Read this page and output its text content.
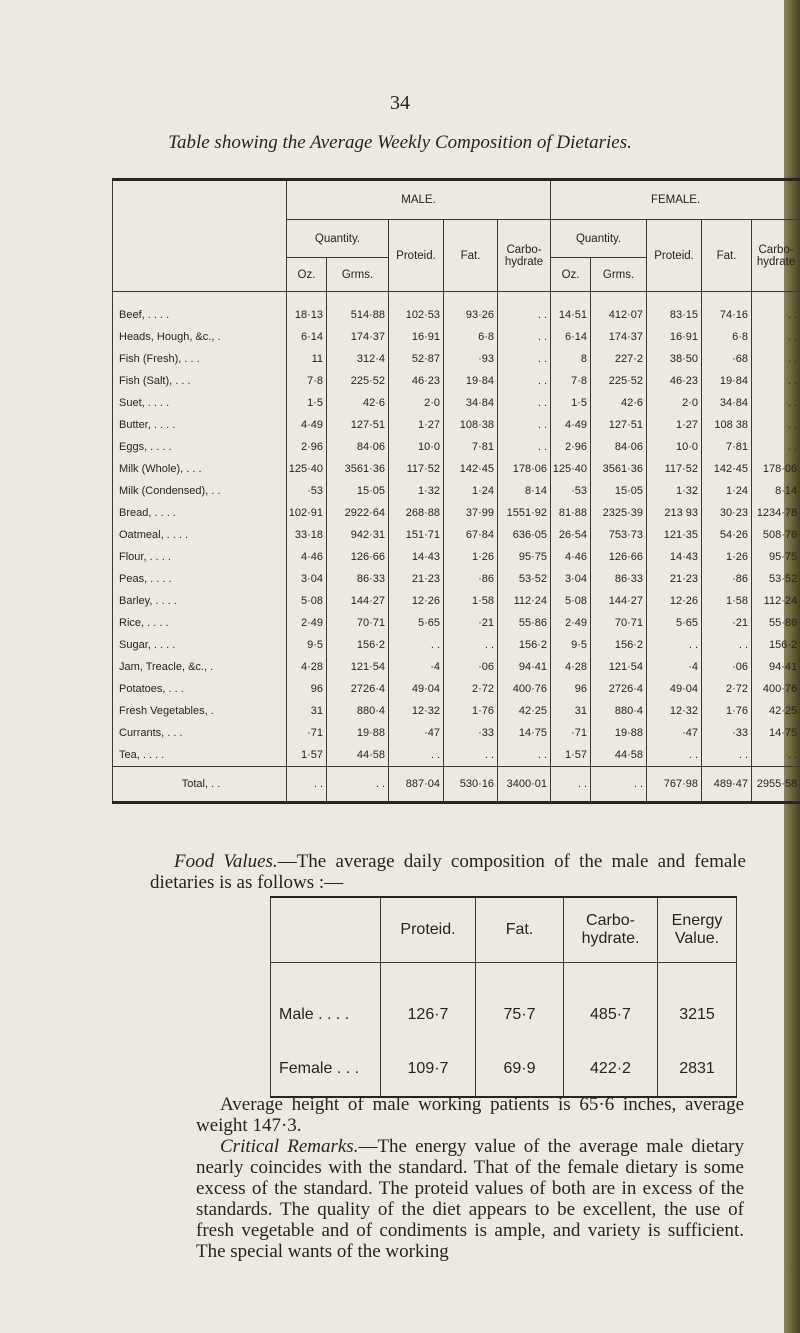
34
Table showing the Average Weekly Composition of Dietaries.
	MALE.					FEMALE.				
	Quantity.		Proteid.	Fat.	Carbo-
hydrate	Quantity.		Proteid.	Fat.	Carbo-
hydrate
	Oz.	Grms.				Oz.	Grms.			
Beef, . . . .	18·13	514·88	102·53	93·26	. .	14·51	412·07	83·15	74·16	. .
Heads, Hough, &c., .	6·14	174·37	16·91	6·8	. .	6·14	174·37	16·91	6·8	. .
Fish (Fresh), . . .	11	312·4	52·87	·93	. .	8	227·2	38·50	·68	. .
Fish (Salt), . . .	7·8	225·52	46·23	19·84	. .	7·8	225·52	46·23	19·84	. .
Suet, . . . .	1·5	42·6	2·0	34·84	. .	1·5	42·6	2·0	34·84	. .
Butter, . . . .	4·49	127·51	1·27	108·38	. .	4·49	127·51	1·27	108 38	. .
Eggs, . . . .	2·96	84·06	10·0	7·81	. .	2·96	84·06	10·0	7·81	. .
Milk (Whole), . . .	125·40	3561·36	117·52	142·45	178·06	125·40	3561·36	117·52	142·45	178·06
Milk (Condensed), . .	·53	15·05	1·32	1·24	8·14	·53	15·05	1·32	1·24	8·14
Bread, . . . .	102·91	2922·64	268·88	37·99	1551·92	81·88	2325·39	213 93	30·23	1234·78
Oatmeal, . . . .	33·18	942·31	151·71	67·84	636·05	26·54	753·73	121·35	54·26	508·76
Flour, . . . .	4·46	126·66	14·43	1·26	95·75	4·46	126·66	14·43	1·26	95·75
Peas, . . . .	3·04	86·33	21·23	·86	53·52	3·04	86·33	21·23	·86	53·52
Barley, . . . .	5·08	144·27	12·26	1·58	112·24	5·08	144·27	12·26	1·58	112·24
Rice, . . . .	2·49	70·71	5·65	·21	55·86	2·49	70·71	5·65	·21	55·86
Sugar, . . . .	9·5	156·2	. .	. .	156·2	9·5	156·2	. .	. .	156·2
Jam, Treacle, &c., .	4·28	121·54	·4	·06	94·41	4·28	121·54	·4	·06	94·41
Potatoes, . . .	96	2726·4	49·04	2·72	400·76	96	2726·4	49·04	2·72	400·76
Fresh Vegetables, .	31	880·4	12·32	1·76	42·25	31	880·4	12·32	1·76	42·25
Currants, . . .	·71	19·88	·47	·33	14·75	·71	19·88	·47	·33	14·75
Tea, . . . .	1·57	44·58	. .	. .	. .	1·57	44·58	. .	. .	. .
Total, . .	. .	. .	887·04	530·16	3400·01	. .	. .	767·98	489·47	2955·58

Food Values.—The average daily composition of the male and female dietaries is as follows :—

	Proteid.	Fat.	Carbo-
hydrate.	Energy
Value.
Male . . . .	126·7	75·7	485·7	3215
Female . . .	109·7	69·9	422·2	2831

Average height of male working patients is 65·6 inches, average weight 147·3.

Critical Remarks.—The energy value of the average male dietary nearly coincides with the standard. That of the female dietary is some excess of the standard. The proteid values of both are in excess of the standards. The quality of the diet appears to be excellent, the use of fresh vegetable and of condiments is ample, and variety is sufficient. The special wants of the working
